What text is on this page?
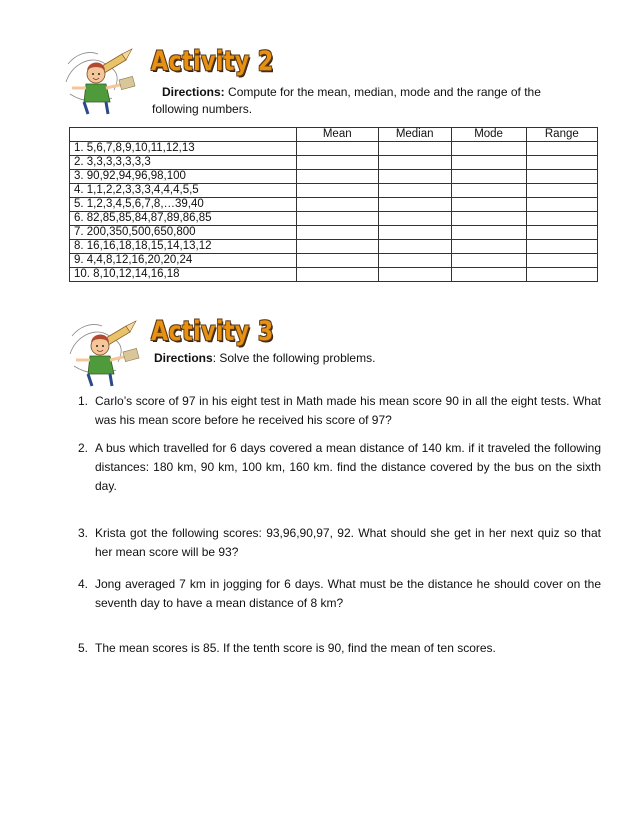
Activity 2
Directions: Compute for the mean, median, mode and the range of the following numbers.
	Mean	Median	Mode	Range
1. 5,6,7,8,9,10,11,12,13				
2. 3,3,3,3,3,3,3				
3. 90,92,94,96,98,100				
4. 1,1,2,2,3,3,3,4,4,4,5,5				
5. 1,2,3,4,5,6,7,8,…39,40				
6. 82,85,85,84,87,89,86,85				
7. 200,350,500,650,800				
8. 16,16,18,18,15,14,13,12				
9. 4,4,8,12,16,20,20,24				
10. 8,10,12,14,16,18				
Activity 3
Directions: Solve the following problems.
1. Carlo’s score of 97 in his eight test in Math made his mean score 90 in all the eight tests. What was his mean score before he received his score of 97?
2. A bus which travelled for 6 days covered a mean distance of 140 km. if it traveled the following distances: 180 km, 90 km, 100 km, 160 km. find the distance covered by the bus on the sixth day.
3. Krista got the following scores: 93,96,90,97, 92. What should she get in her next quiz so that her mean score will be 93?
4. Jong averaged 7 km in jogging for 6 days. What must be the distance he should cover on the seventh day to have a mean distance of 8 km?
5. The mean scores is 85. If the tenth score is 90, find the mean of ten scores.
